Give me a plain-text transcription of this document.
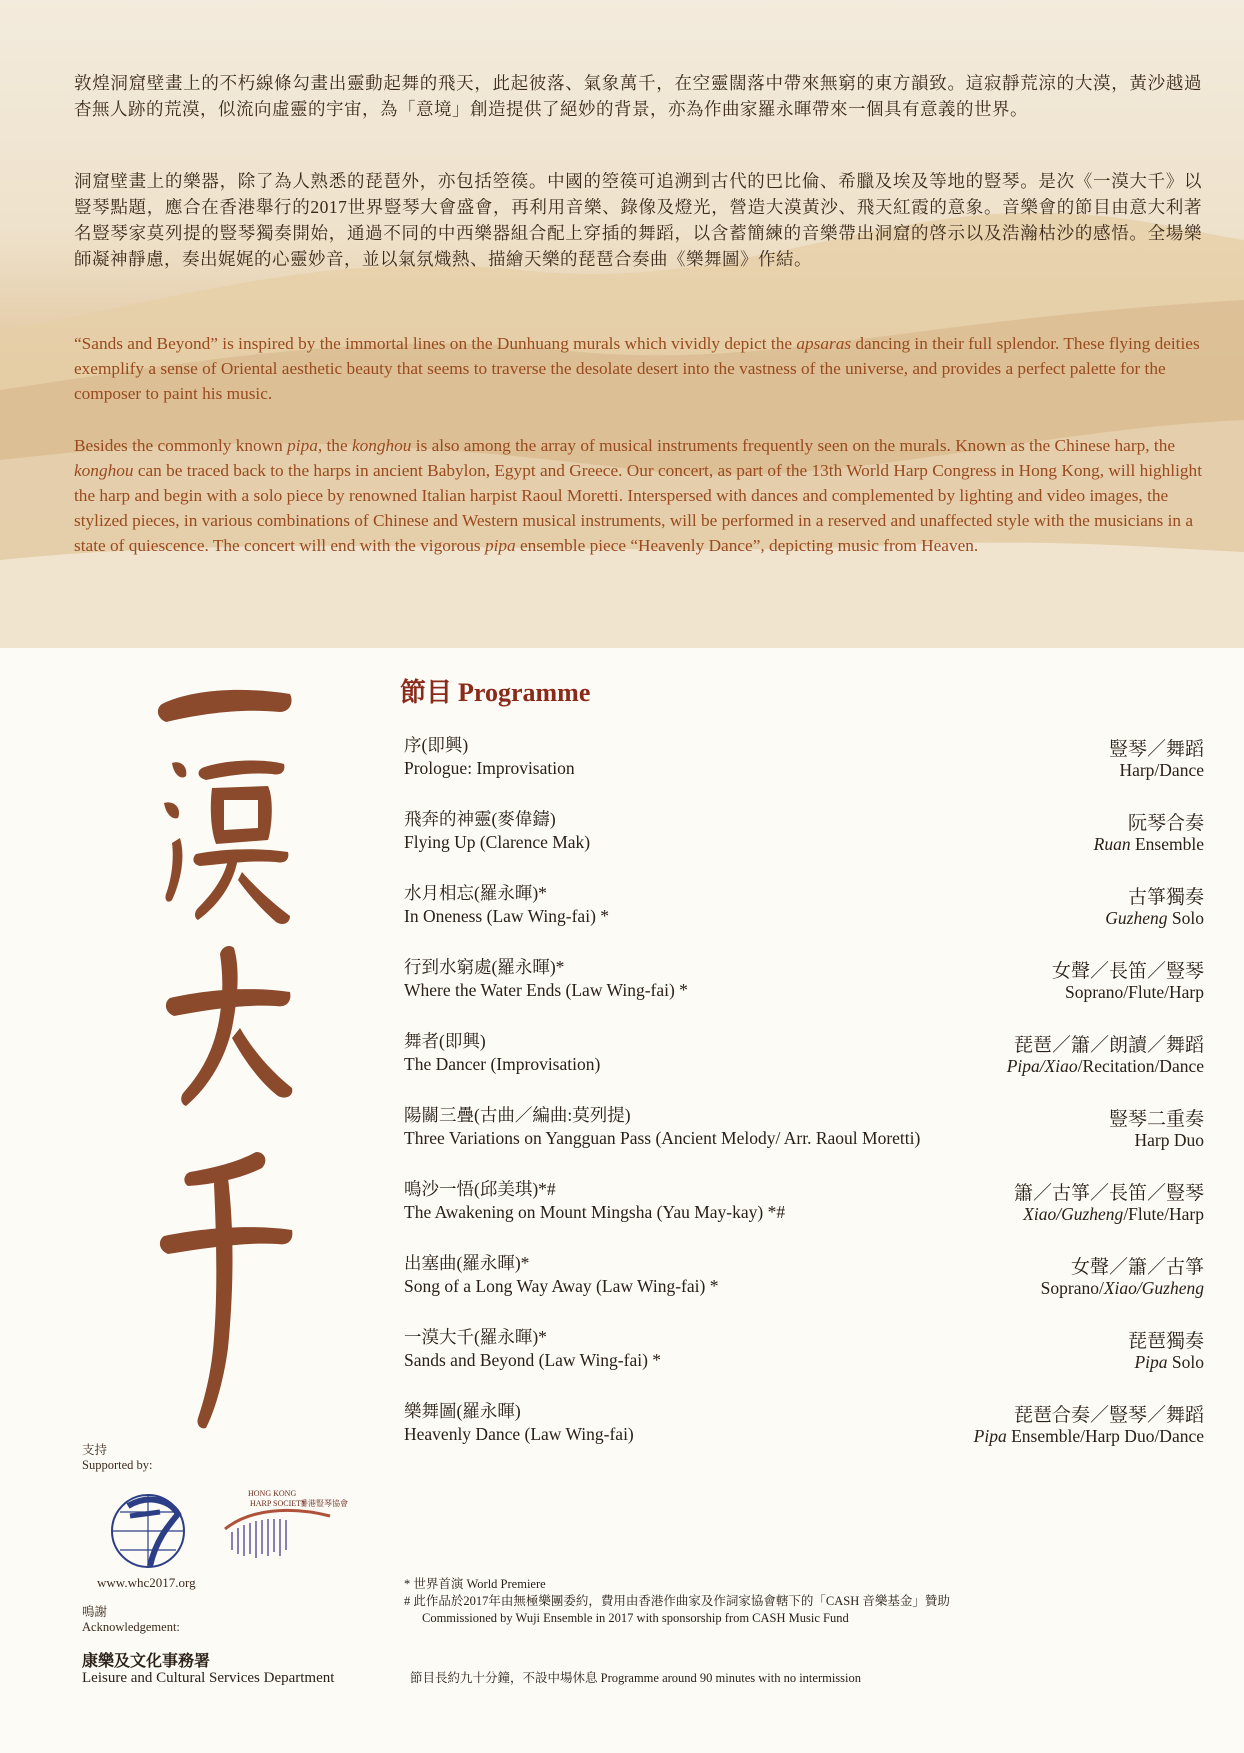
敦煌洞窟壁畫上的不朽線條勾畫出靈動起舞的飛天，此起彼落、氣象萬千，在空靈闊落中帶來無窮的東方韻致。這寂靜荒涼的大漠，黃沙越過杳無人跡的荒漠，似流向虛靈的宇宙，為「意境」創造提供了絕妙的背景，亦為作曲家羅永暉帶來一個具有意義的世界。

洞窟壁畫上的樂器，除了為人熟悉的琵琶外，亦包括箜篌。中國的箜篌可追溯到古代的巴比倫、希臘及埃及等地的豎琴。是次《一漠大千》以豎琴點題，應合在香港舉行的2017世界豎琴大會盛會，再利用音樂、錄像及燈光，營造大漠黃沙、飛天紅霞的意象。音樂會的節目由意大利著名豎琴家莫列提的豎琴獨奏開始，通過不同的中西樂器組合配上穿插的舞蹈，以含蓄簡練的音樂帶出洞窟的啓示以及浩瀚枯沙的感悟。全場樂師凝神靜慮，奏出娓娓的心靈妙音，並以氣氛熾熱、描繪天樂的琵琶合奏曲《樂舞圖》作結。

“Sands and Beyond” is inspired by the immortal lines on the Dunhuang murals which vividly depict the apsaras dancing in their full splendor. These flying deities exemplify a sense of Oriental aesthetic beauty that seems to traverse the desolate desert into the vastness of the universe, and provides a perfect palette for the composer to paint his music.

Besides the commonly known pipa, the konghou is also among the array of musical instruments frequently seen on the murals. Known as the Chinese harp, the konghou can be traced back to the harps in ancient Babylon, Egypt and Greece. Our concert, as part of the 13th World Harp Congress in Hong Kong, will highlight the harp and begin with a solo piece by renowned Italian harpist Raoul Moretti. Interspersed with dances and complemented by lighting and video images, the stylized pieces, in various combinations of Chinese and Western musical instruments, will be performed in a reserved and unaffected style with the musicians in a state of quiescence. The concert will end with the vigorous pipa ensemble piece “Heavenly Dance”, depicting music from Heaven.

節目 Programme
序(即興)
Prologue: Improvisation
豎琴／舞蹈
Harp/Dance
飛奔的神靈(麥偉鑄)
Flying Up (Clarence Mak)
阮琴合奏
Ruan Ensemble
水月相忘(羅永暉)*
In Oneness (Law Wing-fai) *
古箏獨奏
Guzheng Solo
行到水窮處(羅永暉)*
Where the Water Ends (Law Wing-fai) *
女聲／長笛／豎琴
Soprano/Flute/Harp
舞者(即興)
The Dancer (Improvisation)
琵琶／簫／朗讀／舞蹈
Pipa/Xiao/Recitation/Dance
陽關三疊(古曲／編曲:莫列提)
Three Variations on Yangguan Pass (Ancient Melody/ Arr. Raoul Moretti)
豎琴二重奏
Harp Duo
鳴沙一悟(邱美琪)*#
The Awakening on Mount Mingsha (Yau May-kay) *#
簫／古箏／長笛／豎琴
Xiao/Guzheng/Flute/Harp
出塞曲(羅永暉)*
Song of a Long Way Away (Law Wing-fai) *
女聲／簫／古箏
Soprano/Xiao/Guzheng
一漠大千(羅永暉)*
Sands and Beyond (Law Wing-fai) *
琵琶獨奏
Pipa Solo
樂舞圖(羅永暉)
Heavenly Dance (Law Wing-fai)
琵琶合奏／豎琴／舞蹈
Pipa Ensemble/Harp Duo/Dance
支持
Supported by:
HONG KONG
HARP SOCIETY
香港豎琴協會
www.whc2017.org
鳴謝
Acknowledgement:
康樂及文化事務署
Leisure and Cultural Services Department
* 世界首演 World Premiere
# 此作品於2017年由無極樂團委約，費用由香港作曲家及作詞家協會轄下的「CASH 音樂基金」贊助
Commissioned by Wuji Ensemble in 2017 with sponsorship from CASH Music Fund
節目長約九十分鐘，不設中場休息 Programme around 90 minutes with no intermission
